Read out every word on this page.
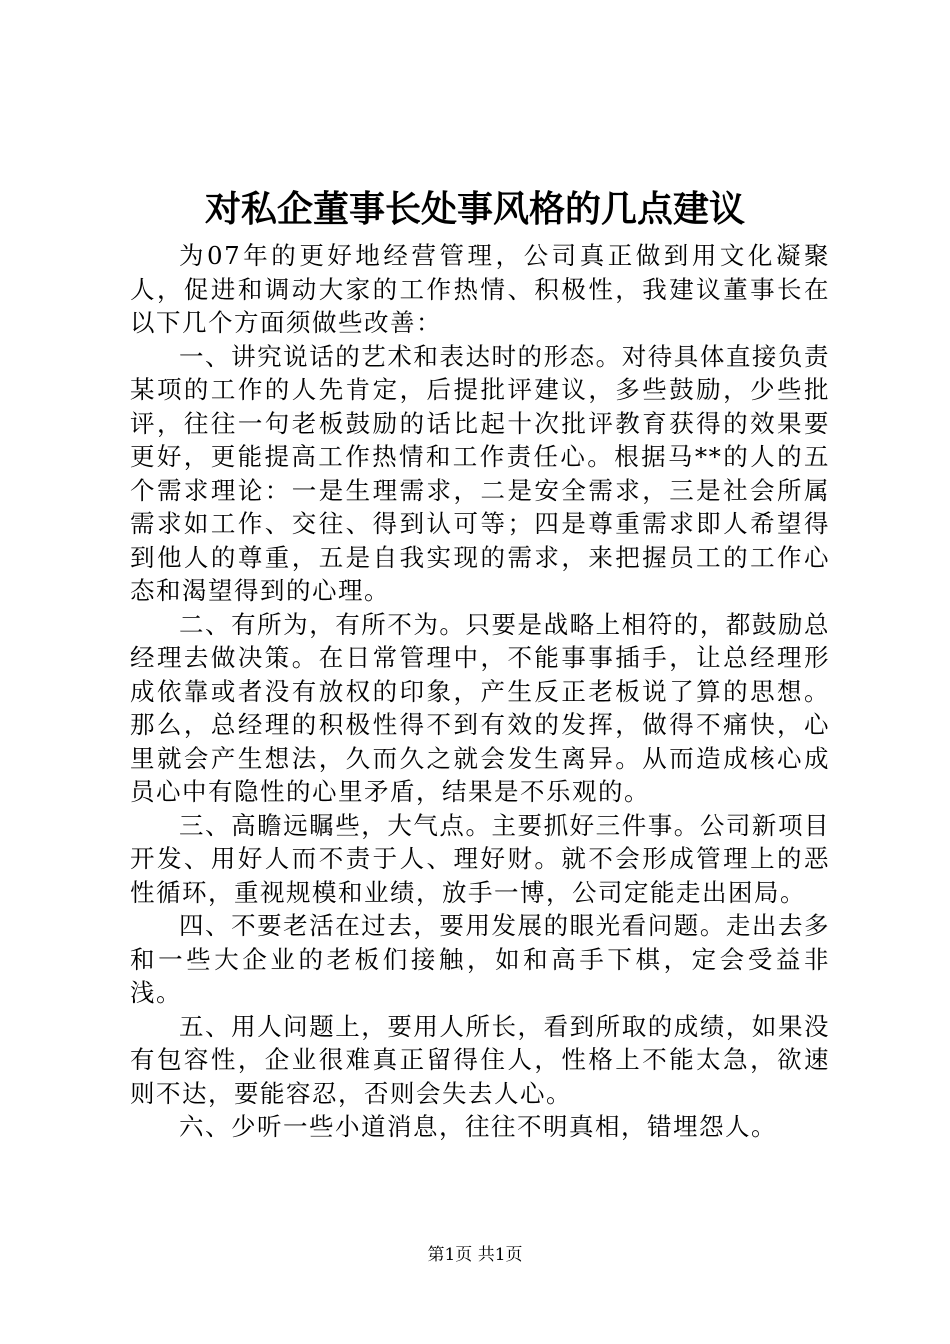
对私企董事长处事风格的几点建议

为07年的更好地经营管理，公司真正做到用文化凝聚人，促进和调动大家的工作热情、积极性，我建议董事长在以下几个方面须做些改善：

一、讲究说话的艺术和表达时的形态。对待具体直接负责某项的工作的人先肯定，后提批评建议，多些鼓励，少些批评，往往一句老板鼓励的话比起十次批评教育获得的效果要更好，更能提高工作热情和工作责任心。根据马**的人的五个需求理论：一是生理需求，二是安全需求，三是社会所属需求如工作、交往、得到认可等；四是尊重需求即人希望得到他人的尊重，五是自我实现的需求，来把握员工的工作心态和渴望得到的心理。

二、有所为，有所不为。只要是战略上相符的，都鼓励总经理去做决策。在日常管理中，不能事事插手，让总经理形成依靠或者没有放权的印象，产生反正老板说了算的思想。那么，总经理的积极性得不到有效的发挥，做得不痛快，心里就会产生想法，久而久之就会发生离异。从而造成核心成员心中有隐性的心里矛盾，结果是不乐观的。

三、高瞻远瞩些，大气点。主要抓好三件事。公司新项目开发、用好人而不责于人、理好财。就不会形成管理上的恶性循环，重视规模和业绩，放手一博，公司定能走出困局。

四、不要老活在过去，要用发展的眼光看问题。走出去多和一些大企业的老板们接触，如和高手下棋，定会受益非浅。

五、用人问题上，要用人所长，看到所取的成绩，如果没有包容性，企业很难真正留得住人，性格上不能太急，欲速则不达，要能容忍，否则会失去人心。

六、少听一些小道消息，往往不明真相，错埋怨人。

第1页 共1页
